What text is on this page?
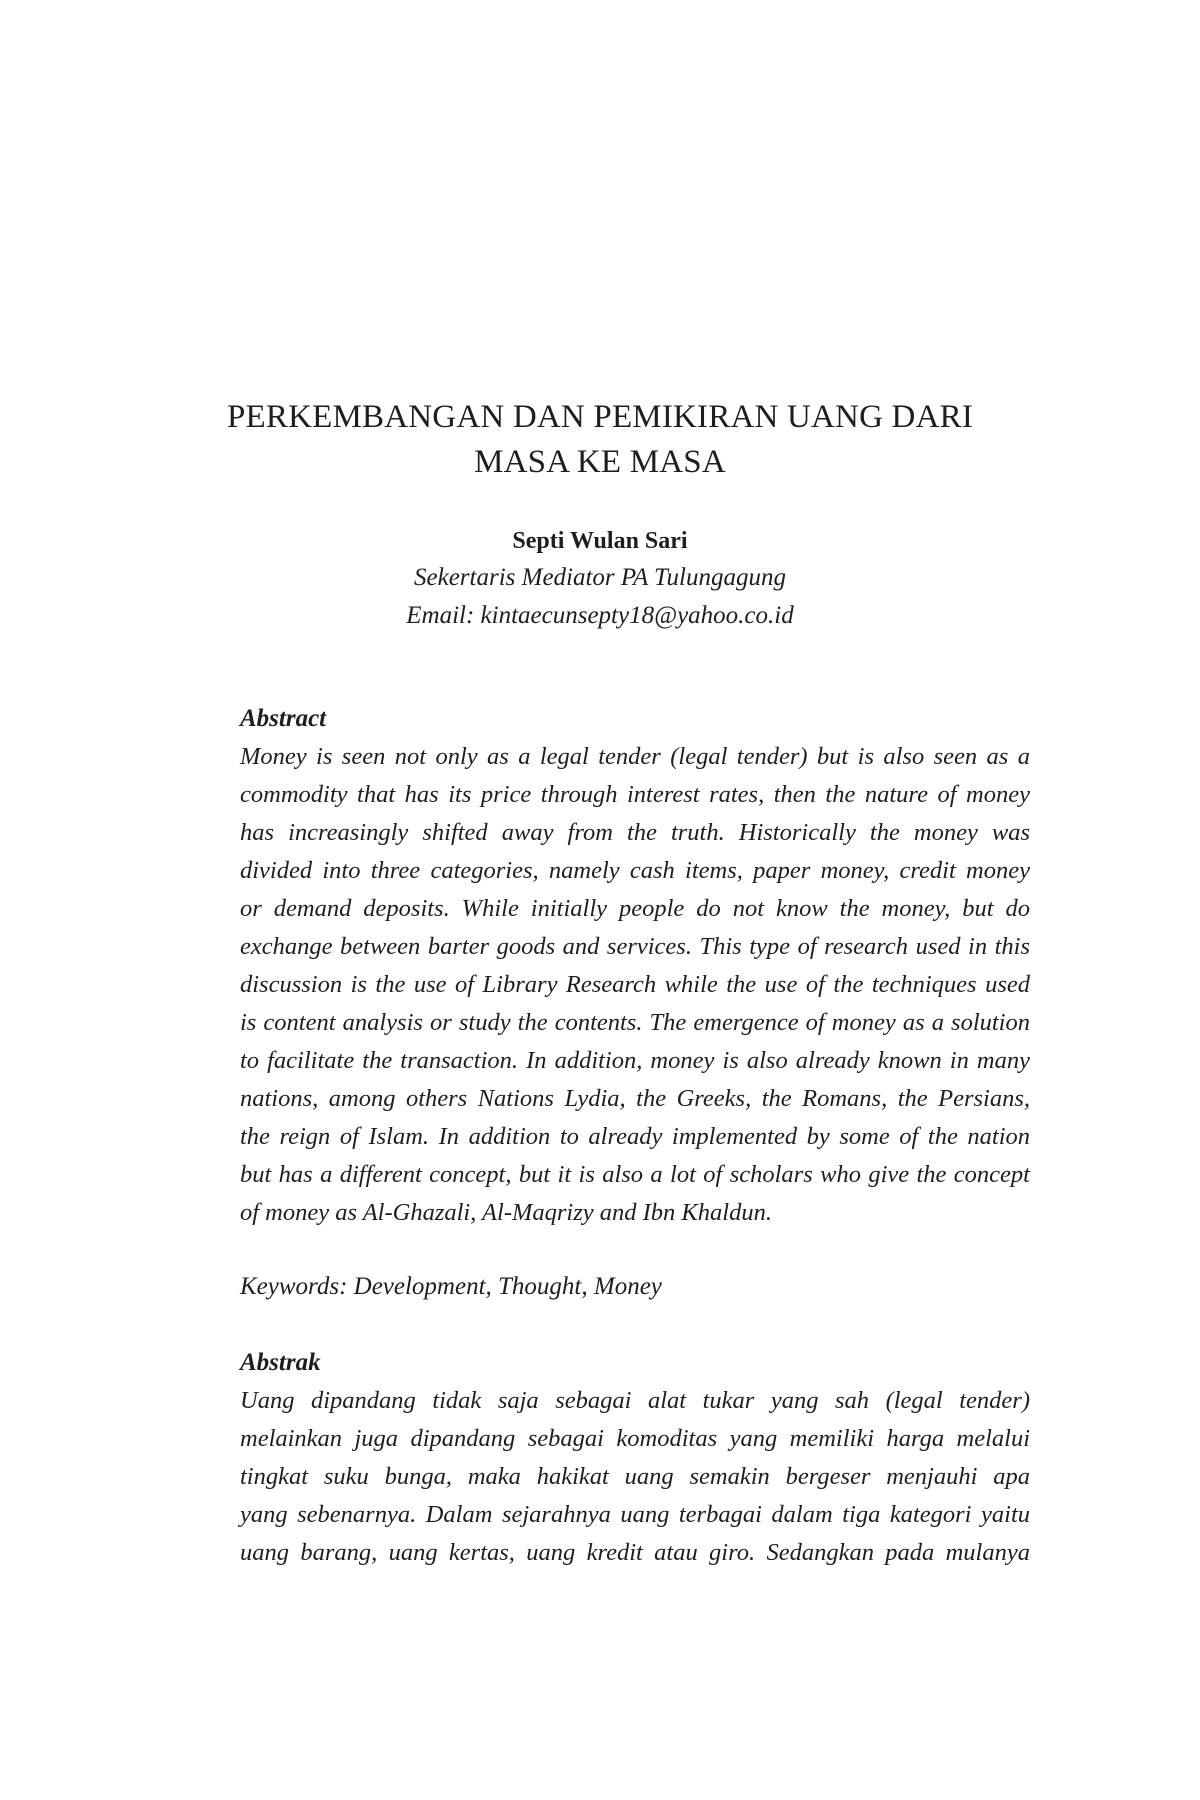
PERKEMBANGAN DAN PEMIKIRAN UANG DARI
MASA KE MASA
Septi Wulan Sari
Sekertaris Mediator PA Tulungagung
Email: kintaecunsepty18@yahoo.co.id
Abstract
Money is seen not only as a legal tender (legal tender) but is also seen as a
commodity that has its price through interest rates, then the nature of money
has increasingly shifted away from the truth. Historically the money was
divided into three categories, namely cash items, paper money, credit money
or demand deposits. While initially people do not know the money, but do
exchange between barter goods and services. This type of research used in this
discussion is the use of Library Research while the use of the techniques used
is content analysis or study the contents. The emergence of money as a solution
to facilitate the transaction. In addition, money is also already known in many
nations, among others Nations Lydia, the Greeks, the Romans, the Persians,
the reign of Islam. In addition to already implemented by some of the nation
but has a different concept, but it is also a lot of scholars who give the concept
of money as Al-Ghazali, Al-Maqrizy and Ibn Khaldun.
Keywords: Development, Thought, Money
Abstrak
Uang dipandang tidak saja sebagai alat tukar yang sah (legal tender)
melainkan juga dipandang sebagai komoditas yang memiliki harga melalui
tingkat suku bunga, maka hakikat uang semakin bergeser menjauhi apa
yang sebenarnya. Dalam sejarahnya uang terbagai dalam tiga kategori yaitu
uang barang, uang kertas, uang kredit atau giro. Sedangkan pada mulanya
